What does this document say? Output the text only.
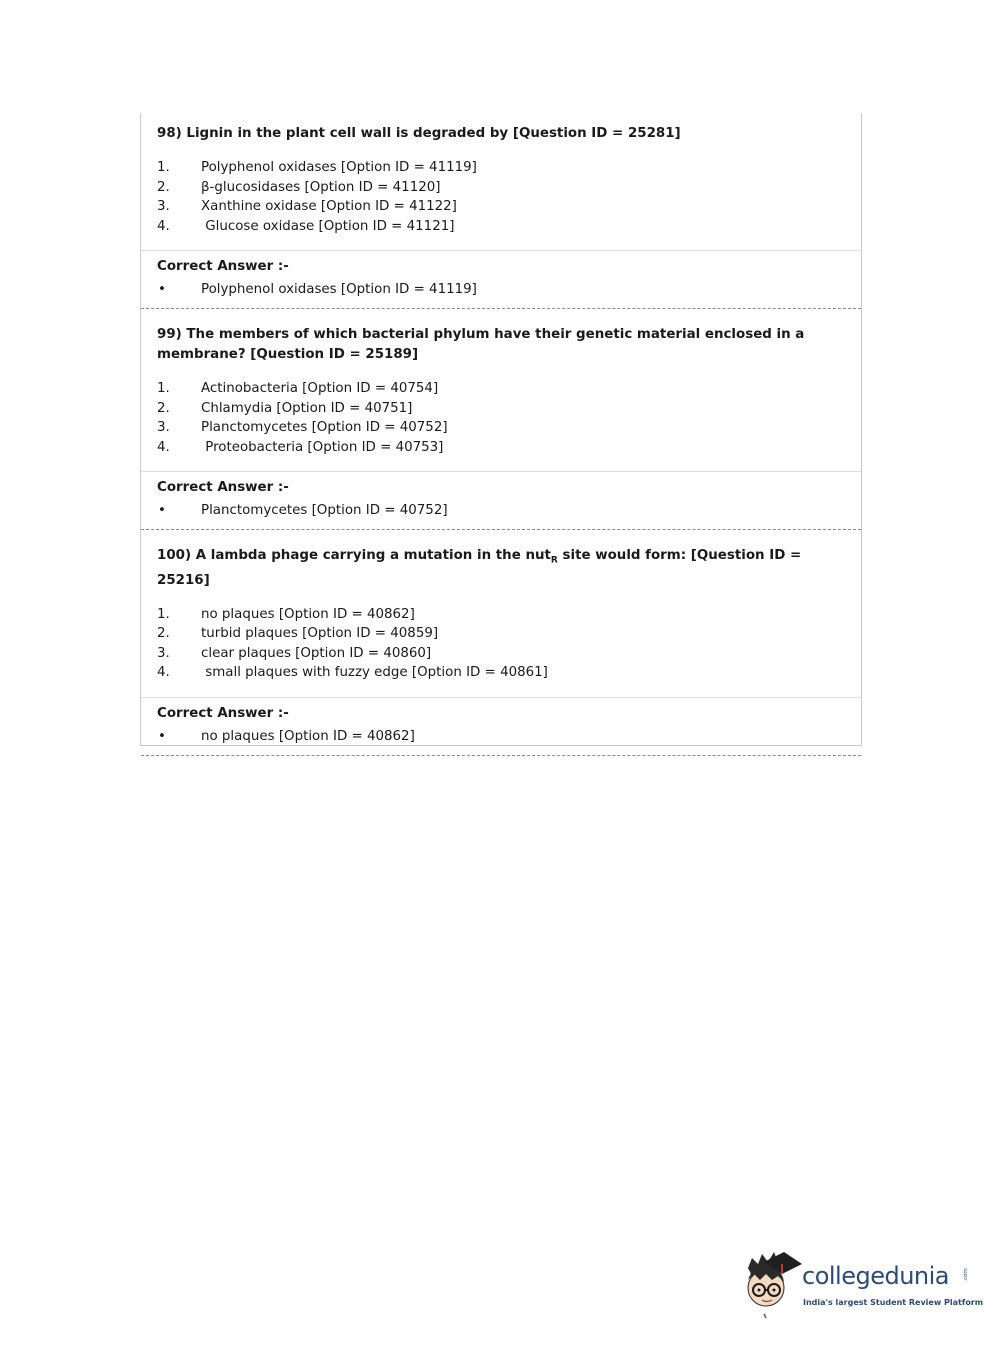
98) Lignin in the plant cell wall is degraded by [Question ID = 25281]

1.	Polyphenol oxidases [Option ID = 41119]
2.	β-glucosidases [Option ID = 41120]
3.	Xanthine oxidase [Option ID = 41122]
4.	Glucose oxidase [Option ID = 41121]

Correct Answer :-

•	Polyphenol oxidases [Option ID = 41119]

99) The members of which bacterial phylum have their genetic material enclosed in a
membrane? [Question ID = 25189]

1.	Actinobacteria [Option ID = 40754]
2.	Chlamydia [Option ID = 40751]
3.	Planctomycetes [Option ID = 40752]
4.	Proteobacteria [Option ID = 40753]

Correct Answer :-

•	Planctomycetes [Option ID = 40752]

100) A lambda phage carrying a mutation in the nut$_R$ site would form: [Question ID = 25216]

1.	no plaques [Option ID = 40862]
2.	turbid plaques [Option ID = 40859]
3.	clear plaques [Option ID = 40860]
4.	small plaques with fuzzy edge [Option ID = 40861]

Correct Answer :-

•	no plaques [Option ID = 40862]
collegedunia .com
India's largest Student Review Platform
